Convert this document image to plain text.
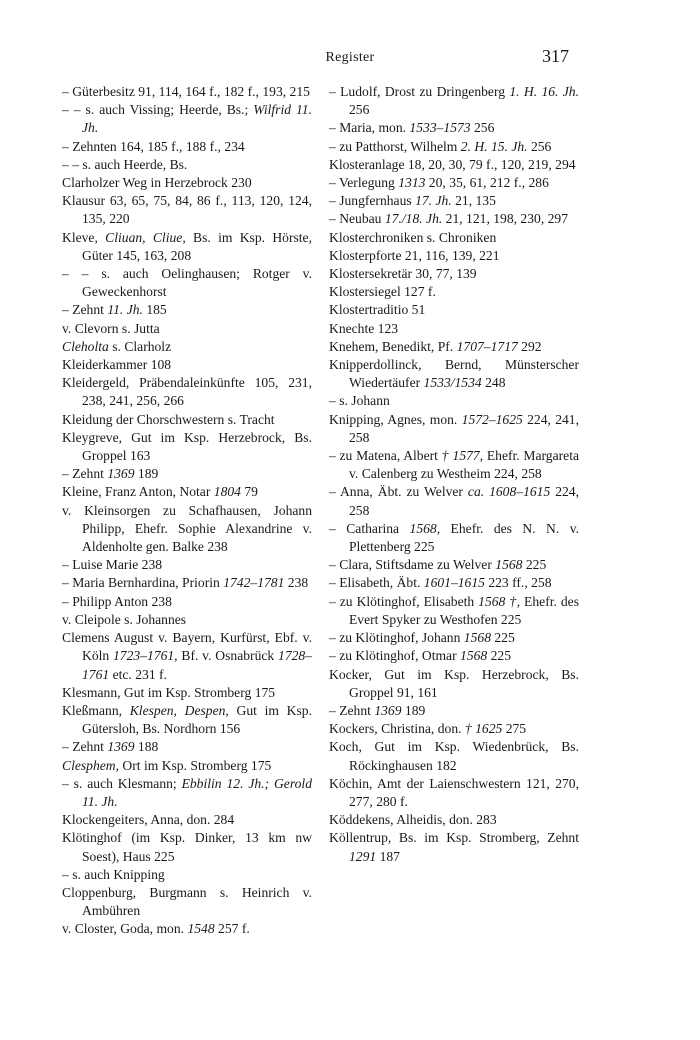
Register	317

– Güterbesitz 91, 114, 164 f., 182 f., 193, 215

– – s. auch Vissing; Heerde, Bs.; Wilfrid 11. Jh.

– Zehnten 164, 185 f., 188 f., 234

– – s. auch Heerde, Bs.

Clarholzer Weg in Herzebrock 230

Klausur 63, 65, 75, 84, 86 f., 113, 120, 124, 135, 220

Kleve, Cliuan, Cliue, Bs. im Ksp. Hörste, Güter 145, 163, 208

– – s. auch Oelinghausen; Rotger v. Geweckenhorst

– Zehnt 11. Jh. 185

v. Clevorn s. Jutta

Cleholta s. Clarholz

Kleiderkammer 108

Kleidergeld, Präbendaleinkünfte 105, 231, 238, 241, 256, 266

Kleidung der Chorschwestern s. Tracht

Kleygreve, Gut im Ksp. Herzebrock, Bs. Groppel 163

– Zehnt 1369 189

Kleine, Franz Anton, Notar 1804 79

v. Kleinsorgen zu Schafhausen, Johann Philipp, Ehefr. Sophie Alexandrine v. Aldenholte gen. Balke 238

– Luise Marie 238

– Maria Bernhardina, Priorin 1742–1781 238

– Philipp Anton 238

v. Cleipole s. Johannes

Clemens August v. Bayern, Kurfürst, Ebf. v. Köln 1723–1761, Bf. v. Osnabrück 1728–1761 etc. 231 f.

Klesmann, Gut im Ksp. Stromberg 175

Kleßmann, Klespen, Despen, Gut im Ksp. Gütersloh, Bs. Nordhorn 156

– Zehnt 1369 188

Clesphem, Ort im Ksp. Stromberg 175

– s. auch Klesmann; Ebbilin 12. Jh.; Gerold 11. Jh.

Klockengeiters, Anna, don. 284

Klötinghof (im Ksp. Dinker, 13 km nw Soest), Haus 225

– s. auch Knipping

Cloppenburg, Burgmann s. Heinrich v. Ambühren

v. Closter, Goda, mon. 1548 257 f.

– Ludolf, Drost zu Dringenberg 1. H. 16. Jh. 256

– Maria, mon. 1533–1573 256

– zu Patthorst, Wilhelm 2. H. 15. Jh. 256

Klosteranlage 18, 20, 30, 79 f., 120, 219, 294

– Verlegung 1313 20, 35, 61, 212 f., 286

– Jungfernhaus 17. Jh. 21, 135

– Neubau 17./18. Jh. 21, 121, 198, 230, 297

Klosterchroniken s. Chroniken

Klosterpforte 21, 116, 139, 221

Klostersekretär 30, 77, 139

Klostersiegel 127 f.

Klostertraditio 51

Knechte 123

Knehem, Benedikt, Pf. 1707–1717 292

Knipperdollinck, Bernd, Münsterscher Wiedertäufer 1533/1534 248

– s. Johann

Knipping, Agnes, mon. 1572–1625 224, 241, 258

– zu Matena, Albert † 1577, Ehefr. Margareta v. Calenberg zu Westheim 224, 258

– Anna, Äbt. zu Welver ca. 1608–1615 224, 258

– Catharina 1568, Ehefr. des N. N. v. Plettenberg 225

– Clara, Stiftsdame zu Welver 1568 225

– Elisabeth, Äbt. 1601–1615 223 ff., 258

– zu Klötinghof, Elisabeth 1568 †, Ehefr. des Evert Spyker zu Westhofen 225

– zu Klötinghof, Johann 1568 225

– zu Klötinghof, Otmar 1568 225

Kocker, Gut im Ksp. Herzebrock, Bs. Groppel 91, 161

– Zehnt 1369 189

Kockers, Christina, don. † 1625 275

Koch, Gut im Ksp. Wiedenbrück, Bs. Röckinghausen 182

Köchin, Amt der Laienschwestern 121, 270, 277, 280 f.

Köddekens, Alheidis, don. 283

Köllentrup, Bs. im Ksp. Stromberg, Zehnt 1291 187
